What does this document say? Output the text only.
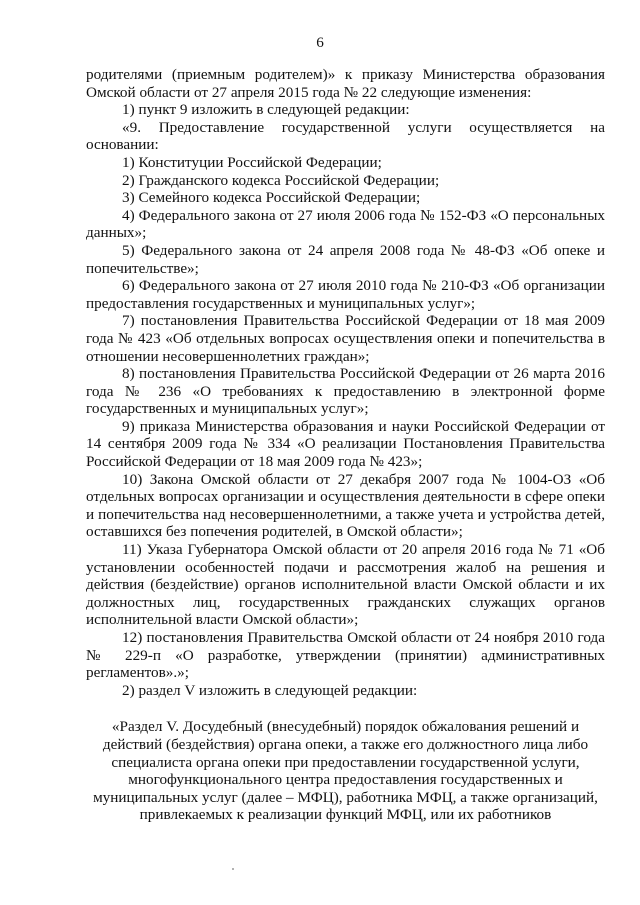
6

родителями (приемным родителем)» к приказу Министерства образования Омской области от 27 апреля 2015 года № 22 следующие изменения:

1) пункт 9 изложить в следующей редакции:

«9. Предоставление государственной услуги осуществляется на основании:

1) Конституции Российской Федерации;

2) Гражданского кодекса Российской Федерации;

3) Семейного кодекса Российской Федерации;

4) Федерального закона от 27 июля 2006 года № 152-ФЗ «О персональных данных»;

5) Федерального закона от 24 апреля 2008 года № 48-ФЗ «Об опеке и попечительстве»;

6) Федерального закона от 27 июля 2010 года № 210-ФЗ «Об организации предоставления государственных и муниципальных услуг»;

7) постановления Правительства Российской Федерации от 18 мая 2009 года № 423 «Об отдельных вопросах осуществления опеки и попечительства в отношении несовершеннолетних граждан»;

8) постановления Правительства Российской Федерации от 26 марта 2016 года № 236 «О требованиях к предоставлению в электронной форме государственных и муниципальных услуг»;

9) приказа Министерства образования и науки Российской Федерации от 14 сентября 2009 года № 334 «О реализации Постановления Правительства Российской Федерации от 18 мая 2009 года № 423»;

10) Закона Омской области от 27 декабря 2007 года № 1004-ОЗ «Об отдельных вопросах организации и осуществления деятельности в сфере опеки и попечительства над несовершеннолетними, а также учета и устройства детей, оставшихся без попечения родителей, в Омской области»;

11) Указа Губернатора Омской области от 20 апреля 2016 года № 71 «Об установлении особенностей подачи и рассмотрения жалоб на решения и действия (бездействие) органов исполнительной власти Омской области и их должностных лиц, государственных гражданских служащих органов исполнительной власти Омской области»;

12) постановления Правительства Омской области от 24 ноября 2010 года № 229-п «О разработке, утверждении (принятии) административных регламентов».»;

2) раздел V изложить в следующей редакции:

«Раздел V. Досудебный (внесудебный) порядок обжалования решений и действий (бездействия) органа опеки, а также его должностного лица либо специалиста органа опеки при предоставлении государственной услуги, многофункционального центра предоставления государственных и муниципальных услуг (далее – МФЦ), работника МФЦ, а также организаций, привлекаемых к реализации функций МФЦ, или их работников
